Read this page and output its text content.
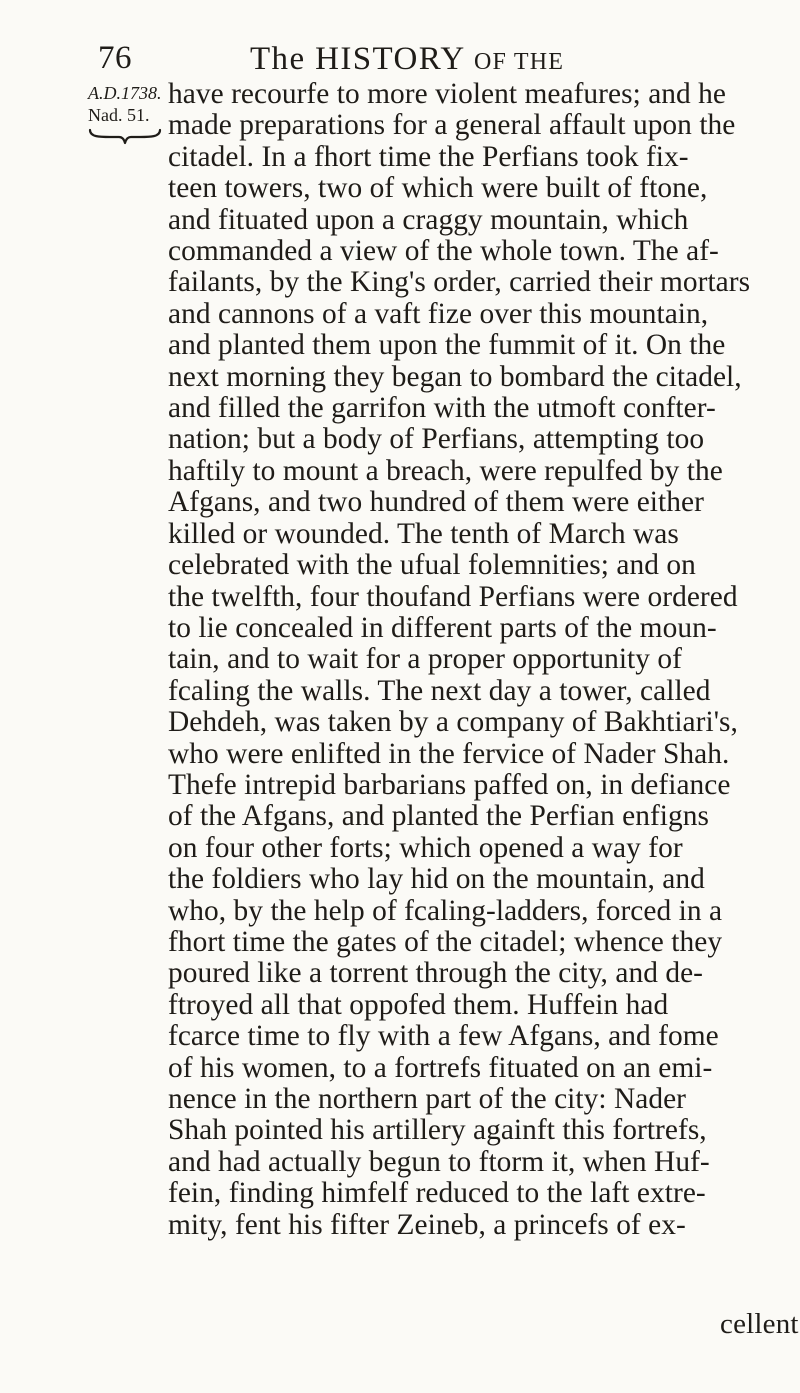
76	The HISTORY OF THE
A.D.1738.
Nad. 51.
have recourfe to more violent meafures; and he
made preparations for a general affault upon the
citadel. In a fhort time the Perfians took fix-
teen towers, two of which were built of ftone,
and fituated upon a craggy mountain, which
commanded a view of the whole town. The af-
failants, by the King's order, carried their mortars
and cannons of a vaft fize over this mountain,
and planted them upon the fummit of it. On the
next morning they began to bombard the citadel,
and filled the garrifon with the utmoft confter-
nation; but a body of Perfians, attempting too
haftily to mount a breach, were repulfed by the
Afgans, and two hundred of them were either
killed or wounded. The tenth of March was
celebrated with the ufual folemnities; and on
the twelfth, four thoufand Perfians were ordered
to lie concealed in different parts of the moun-
tain, and to wait for a proper opportunity of
fcaling the walls. The next day a tower, called
Dehdeh, was taken by a company of Bakhtiari's,
who were enlifted in the fervice of Nader Shah.
Thefe intrepid barbarians paffed on, in defiance
of the Afgans, and planted the Perfian enfigns
on four other forts; which opened a way for
the foldiers who lay hid on the mountain, and
who, by the help of fcaling-ladders, forced in a
fhort time the gates of the citadel; whence they
poured like a torrent through the city, and de-
ftroyed all that oppofed them. Huffein had
fcarce time to fly with a few Afgans, and fome
of his women, to a fortrefs fituated on an emi-
nence in the northern part of the city: Nader
Shah pointed his artillery againft this fortrefs,
and had actually begun to ftorm it, when Huf-
fein, finding himfelf reduced to the laft extre-
mity, fent his fifter Zeineb, a princefs of ex-
cellent
